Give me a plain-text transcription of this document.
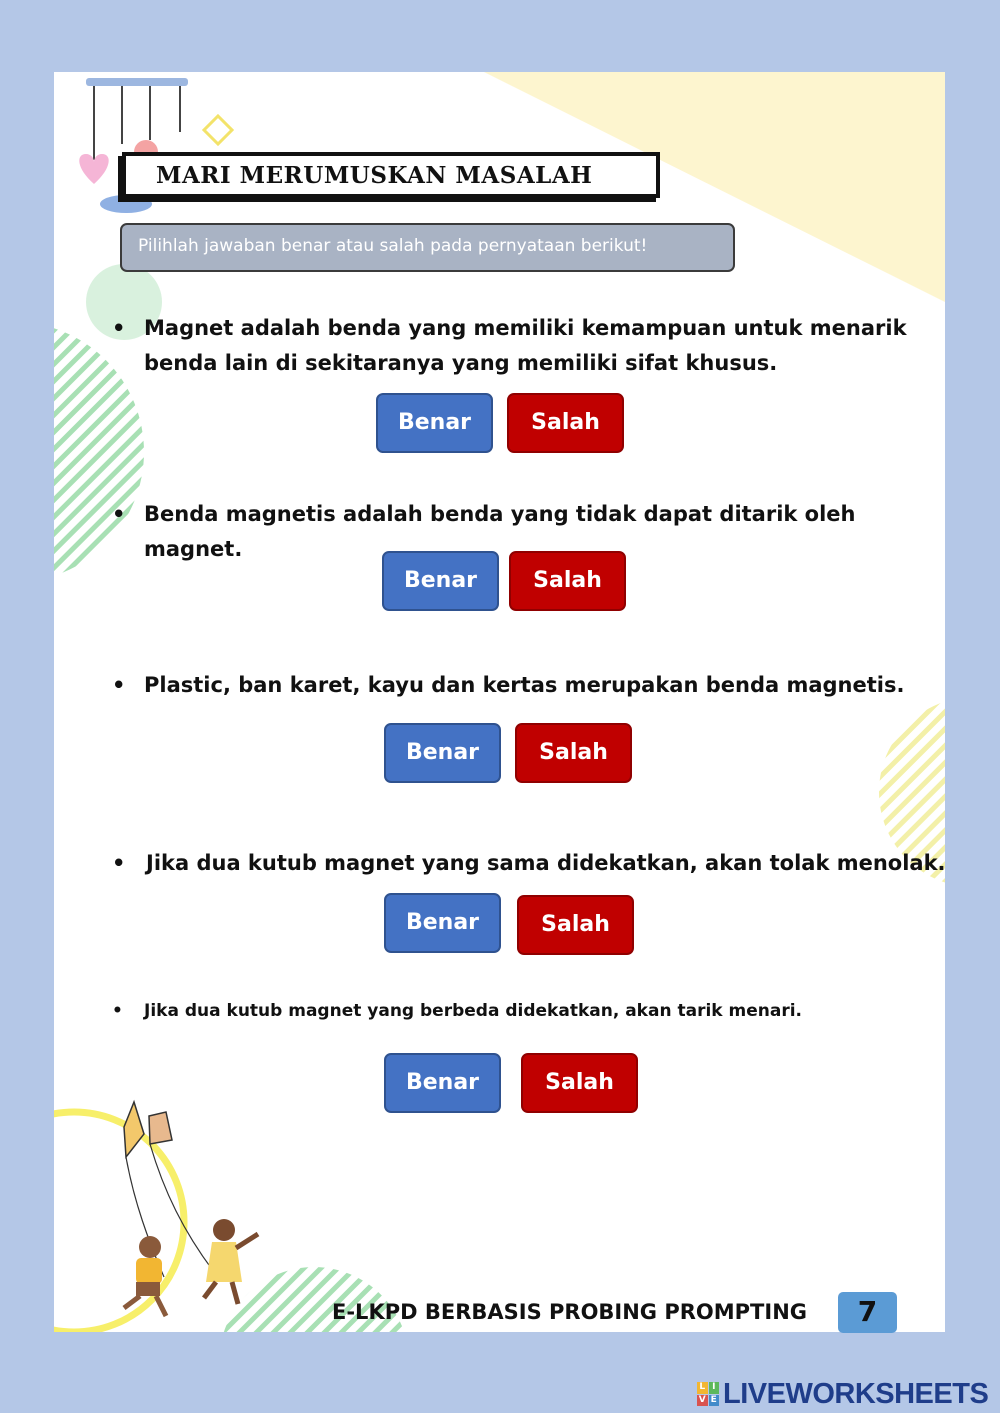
MARI MERUMUSKAN MASALAH
Pilihlah jawaban benar atau salah pada pernyataan berikut!
• Magnet adalah benda yang memiliki kemampuan untuk menarik
benda lain di sekitaranya yang memiliki sifat khusus.
Benar	Salah
• Benda magnetis adalah benda yang tidak dapat ditarik oleh
magnet.
Benar	Salah
• Plastic, ban karet, kayu dan kertas merupakan benda magnetis.
Benar	Salah
• Jika dua kutub magnet yang sama didekatkan, akan tolak menolak.
Benar	Salah
• Jika dua kutub magnet yang berbeda didekatkan, akan tarik menari.
Benar	Salah
E-LKPD BERBASIS PROBING PROMPTING	7
L I
V E LIVEWORKSHEETS
